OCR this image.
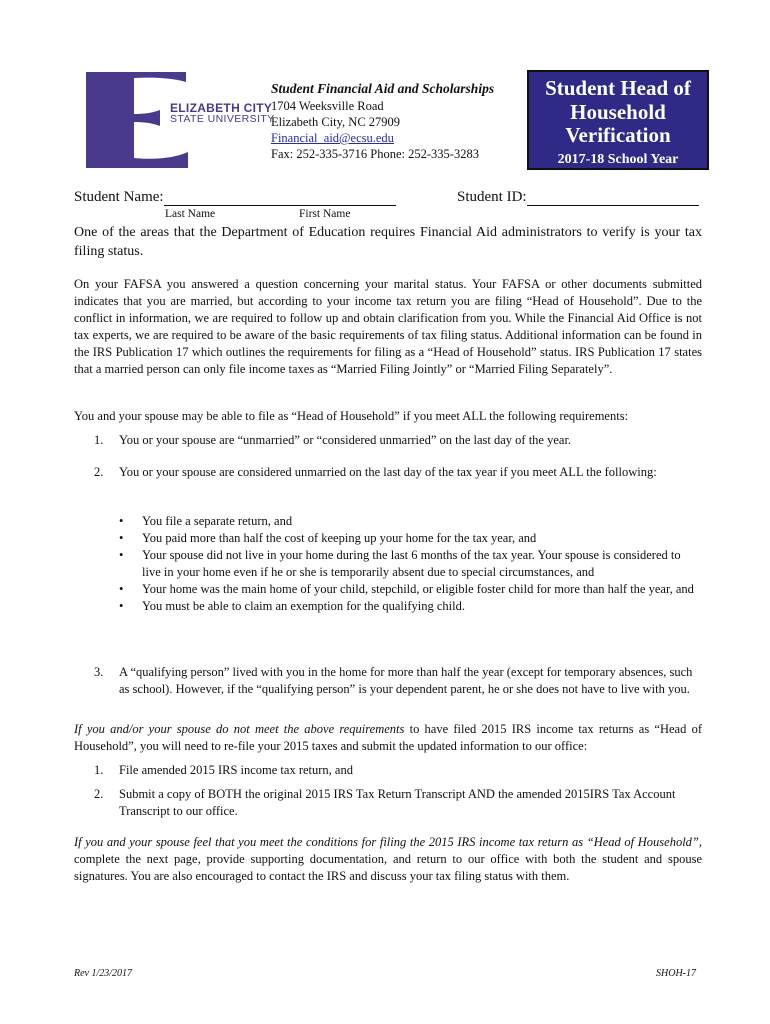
ELIZABETH CITY
STATE UNIVERSITY
Student Financial Aid and Scholarships
1704 Weeksville Road
Elizabeth City, NC 27909
Financial_aid@ecsu.edu
Fax: 252-335-3716 Phone: 252-335-3283
Student Head of
Household
Verification
2017-18 School Year
Student Name:	Student ID:
Last Name	First Name
One of the areas that the Department of Education requires Financial Aid administrators to verify is your tax filing status.
On your FAFSA you answered a question concerning your marital status. Your FAFSA or other documents submitted indicates that you are married, but according to your income tax return you are filing “Head of Household”. Due to the conflict in information, we are required to follow up and obtain clarification from you. While the Financial Aid Office is not tax experts, we are required to be aware of the basic requirements of tax filing status. Additional information can be found in the IRS Publication 17 which outlines the requirements for filing as a “Head of Household” status. IRS Publication 17 states that a married person can only file income taxes as “Married Filing Jointly” or “Married Filing Separately”.
You and your spouse may be able to file as “Head of Household” if you meet ALL the following requirements:
1. You or your spouse are “unmarried” or “considered unmarried” on the last day of the year.
2. You or your spouse are considered unmarried on the last day of the tax year if you meet ALL the following:
• You file a separate return, and
• You paid more than half the cost of keeping up your home for the tax year, and
• Your spouse did not live in your home during the last 6 months of the tax year. Your spouse is considered to live in your home even if he or she is temporarily absent due to special circumstances, and
• Your home was the main home of your child, stepchild, or eligible foster child for more than half the year, and
• You must be able to claim an exemption for the qualifying child.
3. A “qualifying person” lived with you in the home for more than half the year (except for temporary absences, such as school). However, if the “qualifying person” is your dependent parent, he or she does not have to live with you.
If you and/or your spouse do not meet the above requirements to have filed 2015 IRS income tax returns as “Head of Household”, you will need to re-file your 2015 taxes and submit the updated information to our office:
1. File amended 2015 IRS income tax return, and
2. Submit a copy of BOTH the original 2015 IRS Tax Return Transcript AND the amended 2015IRS Tax Account Transcript to our office.
If you and your spouse feel that you meet the conditions for filing the 2015 IRS income tax return as “Head of Household”, complete the next page, provide supporting documentation, and return to our office with both the student and spouse signatures. You are also encouraged to contact the IRS and discuss your tax filing status with them.
Rev 1/23/2017	SHOH-17
